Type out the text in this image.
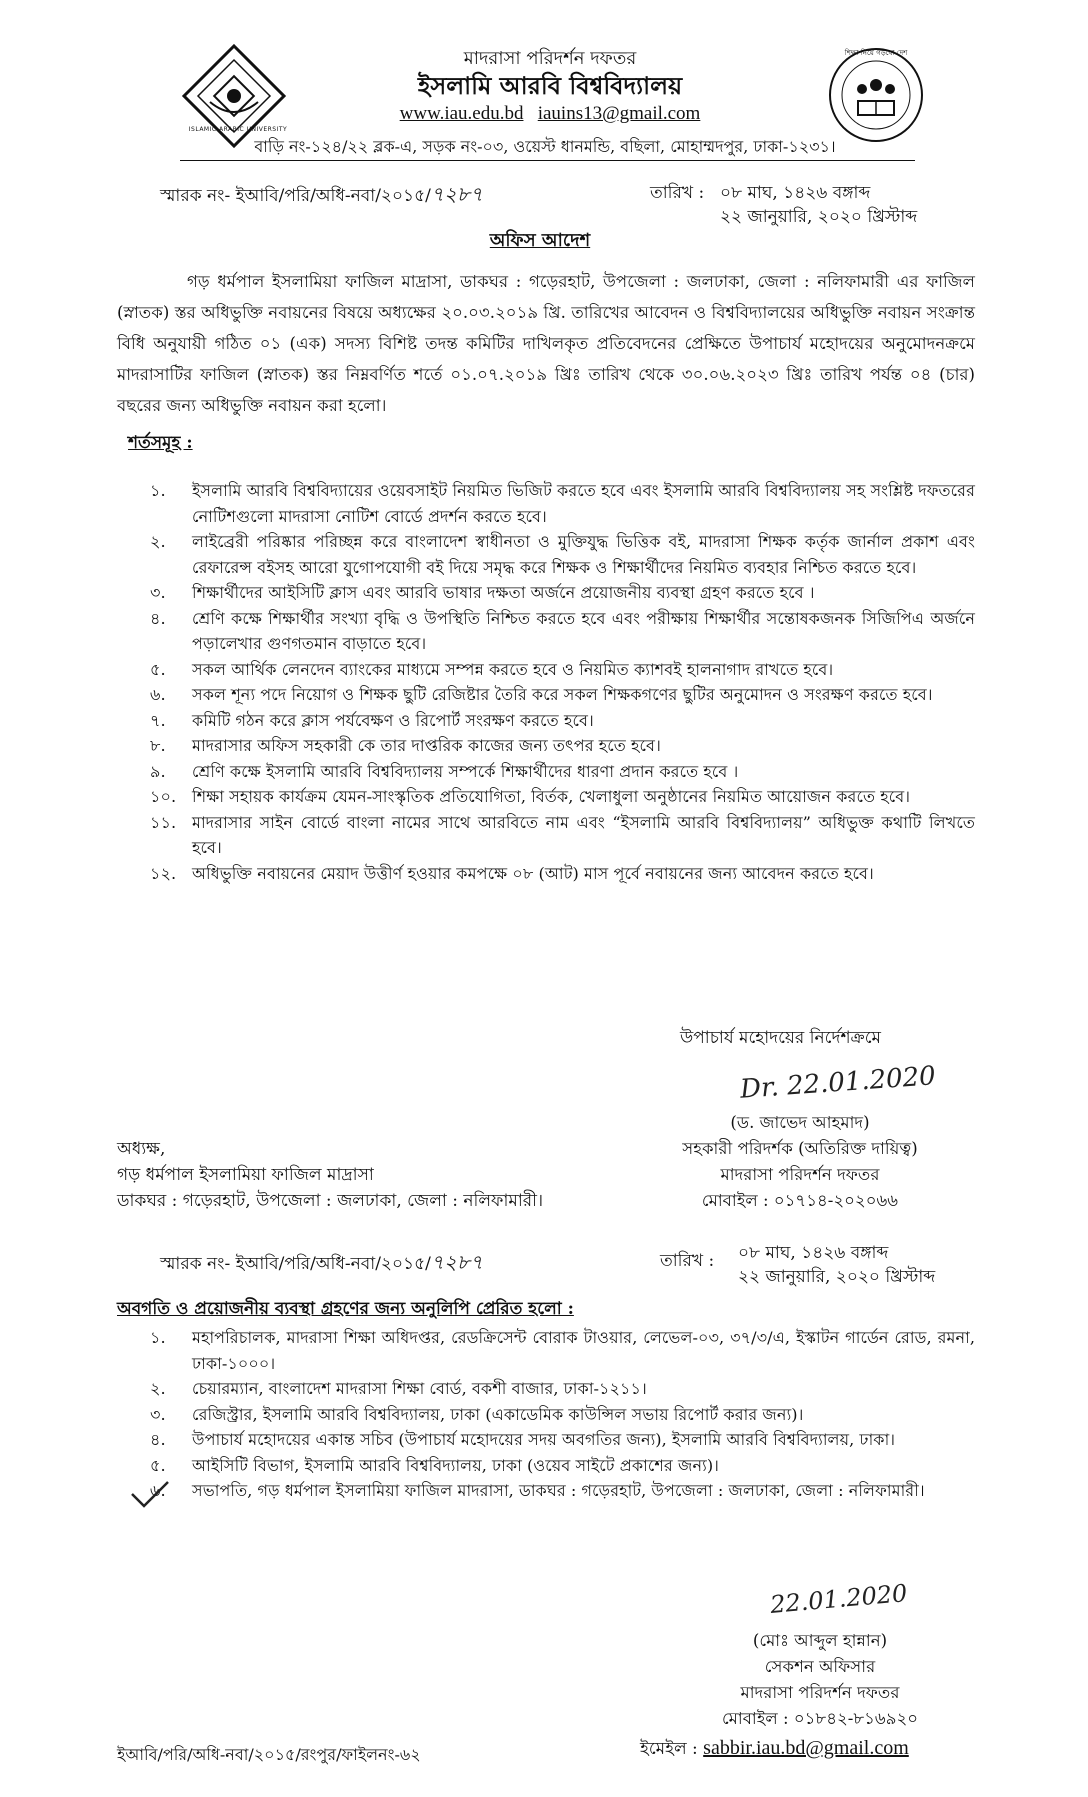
ISLAMIC ARABIC UNIVERSITY
শিক্ষা নিয়ে গড়বো দেশ
মাদরাসা পরিদর্শন দফতর
ইসলামি আরবি বিশ্ববিদ্যালয়
www.iau.edu.bd iauins13@gmail.com
বাড়ি নং-১২৪/২২ ব্লক-এ, সড়ক নং-০৩, ওয়েস্ট ধানমন্ডি, বছিলা, মোহাম্মদপুর, ঢাকা-১২৩১।
স্মারক নং- ইআবি/পরি/অধি-নবা/২০১৫/৭২৮৭	তারিখ : ০৮ মাঘ, ১৪২৬ বঙ্গাব্দ
২২ জানুয়ারি, ২০২০ খ্রিস্টাব্দ
অফিস আদেশ
গড় ধর্মপাল ইসলামিয়া ফাজিল মাদ্রাসা, ডাকঘর : গড়েরহাট, উপজেলা : জলঢাকা, জেলা : নলিফামারী এর ফাজিল (স্নাতক) স্তর অধিভুক্তি নবায়নের বিষয়ে অধ্যক্ষের ২০.০৩.২০১৯ খ্রি. তারিখের আবেদন ও বিশ্ববিদ্যালয়ের অধিভুক্তি নবায়ন সংক্রান্ত বিধি অনুযায়ী গঠিত ০১ (এক) সদস্য বিশিষ্ট তদন্ত কমিটির দাখিলকৃত প্রতিবেদনের প্রেক্ষিতে উপাচার্য মহোদয়ের অনুমোদনক্রমে মাদরাসাটির ফাজিল (স্নাতক) স্তর নিম্নবর্ণিত শর্তে ০১.০৭.২০১৯ খ্রিঃ তারিখ থেকে ৩০.০৬.২০২৩ খ্রিঃ তারিখ পর্যন্ত ০৪ (চার) বছরের জন্য অধিভুক্তি নবায়ন করা হলো।
শর্তসমূহ :
১.	ইসলামি আরবি বিশ্ববিদ্যায়ের ওয়েবসাইট নিয়মিত ভিজিট করতে হবে এবং ইসলামি আরবি বিশ্ববিদ্যালয় সহ সংশ্লিষ্ট দফতরের নোটিশগুলো মাদরাসা নোটিশ বোর্ডে প্রদর্শন করতে হবে।
২.	লাইব্রেরী পরিষ্কার পরিচ্ছন্ন করে বাংলাদেশ স্বাধীনতা ও মুক্তিযুদ্ধ ভিত্তিক বই, মাদরাসা শিক্ষক কর্তৃক জার্নাল প্রকাশ এবং রেফারেন্স বইসহ আরো যুগোপযোগী বই দিয়ে সমৃদ্ধ করে শিক্ষক ও শিক্ষার্থীদের নিয়মিত ব্যবহার নিশ্চিত করতে হবে।
৩.	শিক্ষার্থীদের আইসিটি ক্লাস এবং আরবি ভাষার দক্ষতা অর্জনে প্রয়োজনীয় ব্যবস্থা গ্রহণ করতে হবে ।
৪.	শ্রেণি কক্ষে শিক্ষার্থীর সংখ্যা বৃদ্ধি ও উপস্থিতি নিশ্চিত করতে হবে এবং পরীক্ষায় শিক্ষার্থীর সন্তোষকজনক সিজিপিএ অর্জনে পড়ালেখার গুণগতমান বাড়াতে হবে।
৫.	সকল আর্থিক লেনদেন ব্যাংকের মাধ্যমে সম্পন্ন করতে হবে ও নিয়মিত ক্যাশবই হালনাগাদ রাখতে হবে।
৬.	সকল শূন্য পদে নিয়োগ ও শিক্ষক ছুটি রেজিষ্টার তৈরি করে সকল শিক্ষকগণের ছুটির অনুমোদন ও সংরক্ষণ করতে হবে।
৭.	কমিটি গঠন করে ক্লাস পর্যবেক্ষণ ও রিপোর্ট সংরক্ষণ করতে হবে।
৮.	মাদরাসার অফিস সহকারী কে তার দাপ্তরিক কাজের জন্য তৎপর হতে হবে।
৯.	শ্রেণি কক্ষে ইসলামি আরবি বিশ্ববিদ্যালয় সম্পর্কে শিক্ষার্থীদের ধারণা প্রদান করতে হবে ।
১০. শিক্ষা সহায়ক কার্যক্রম যেমন-সাংস্কৃতিক প্রতিযোগিতা, বির্তক, খেলাধুলা অনুষ্ঠানের নিয়মিত আয়োজন করতে হবে।
১১. মাদরাসার সাইন বোর্ডে বাংলা নামের সাথে আরবিতে নাম এবং “ইসলামি আরবি বিশ্ববিদ্যালয়” অধিভুক্ত কথাটি লিখতে হবে।
১২. অধিভুক্তি নবায়নের মেয়াদ উত্তীর্ণ হওয়ার কমপক্ষে ০৮ (আট) মাস পূর্বে নবায়নের জন্য আবেদন করতে হবে।
উপাচার্য মহোদয়ের নির্দেশক্রমে
Dr. 22.01.2020
(ড. জাভেদ আহমাদ)
সহকারী পরিদর্শক (অতিরিক্ত দায়িত্ব)
মাদরাসা পরিদর্শন দফতর
মোবাইল : ০১৭১৪-২০২০৬৬
অধ্যক্ষ,
গড় ধর্মপাল ইসলামিয়া ফাজিল মাদ্রাসা
ডাকঘর : গড়েরহাট, উপজেলা : জলঢাকা, জেলা : নলিফামারী।
স্মারক নং- ইআবি/পরি/অধি-নবা/২০১৫/৭২৮৭	তারিখ : ০৮ মাঘ, ১৪২৬ বঙ্গাব্দ
২২ জানুয়ারি, ২০২০ খ্রিস্টাব্দ
অবগতি ও প্রয়োজনীয় ব্যবস্থা গ্রহণের জন্য অনুলিপি প্রেরিত হলো :
১.	মহাপরিচালক, মাদরাসা শিক্ষা অধিদপ্তর, রেডক্রিসেন্ট বোরাক টাওয়ার, লেভেল-০৩, ৩৭/৩/এ, ইস্কাটন গার্ডেন রোড, রমনা, ঢাকা-১০০০।
২.	চেয়ারম্যান, বাংলাদেশ মাদরাসা শিক্ষা বোর্ড, বকশী বাজার, ঢাকা-১২১১।
৩.	রেজিস্ট্রার, ইসলামি আরবি বিশ্ববিদ্যালয়, ঢাকা (একাডেমিক কাউন্সিল সভায় রিপোর্ট করার জন্য)।
৪.	উপাচার্য মহোদয়ের একান্ত সচিব (উপাচার্য মহোদয়ের সদয় অবগতির জন্য), ইসলামি আরবি বিশ্ববিদ্যালয়, ঢাকা।
৫.	আইসিটি বিভাগ, ইসলামি আরবি বিশ্ববিদ্যালয়, ঢাকা (ওয়েব সাইটে প্রকাশের জন্য)।
৬.	সভাপতি, গড় ধর্মপাল ইসলামিয়া ফাজিল মাদরাসা, ডাকঘর : গড়েরহাট, উপজেলা : জলঢাকা, জেলা : নলিফামারী।
22.01.2020
(মোঃ আব্দুল হান্নান)
সেকশন অফিসার
মাদরাসা পরিদর্শন দফতর
মোবাইল : ০১৮৪২-৮১৬৯২০
ইমেইল : sabbir.iau.bd@gmail.com
ইআবি/পরি/অধি-নবা/২০১৫/রংপুর/ফাইলনং-৬২
